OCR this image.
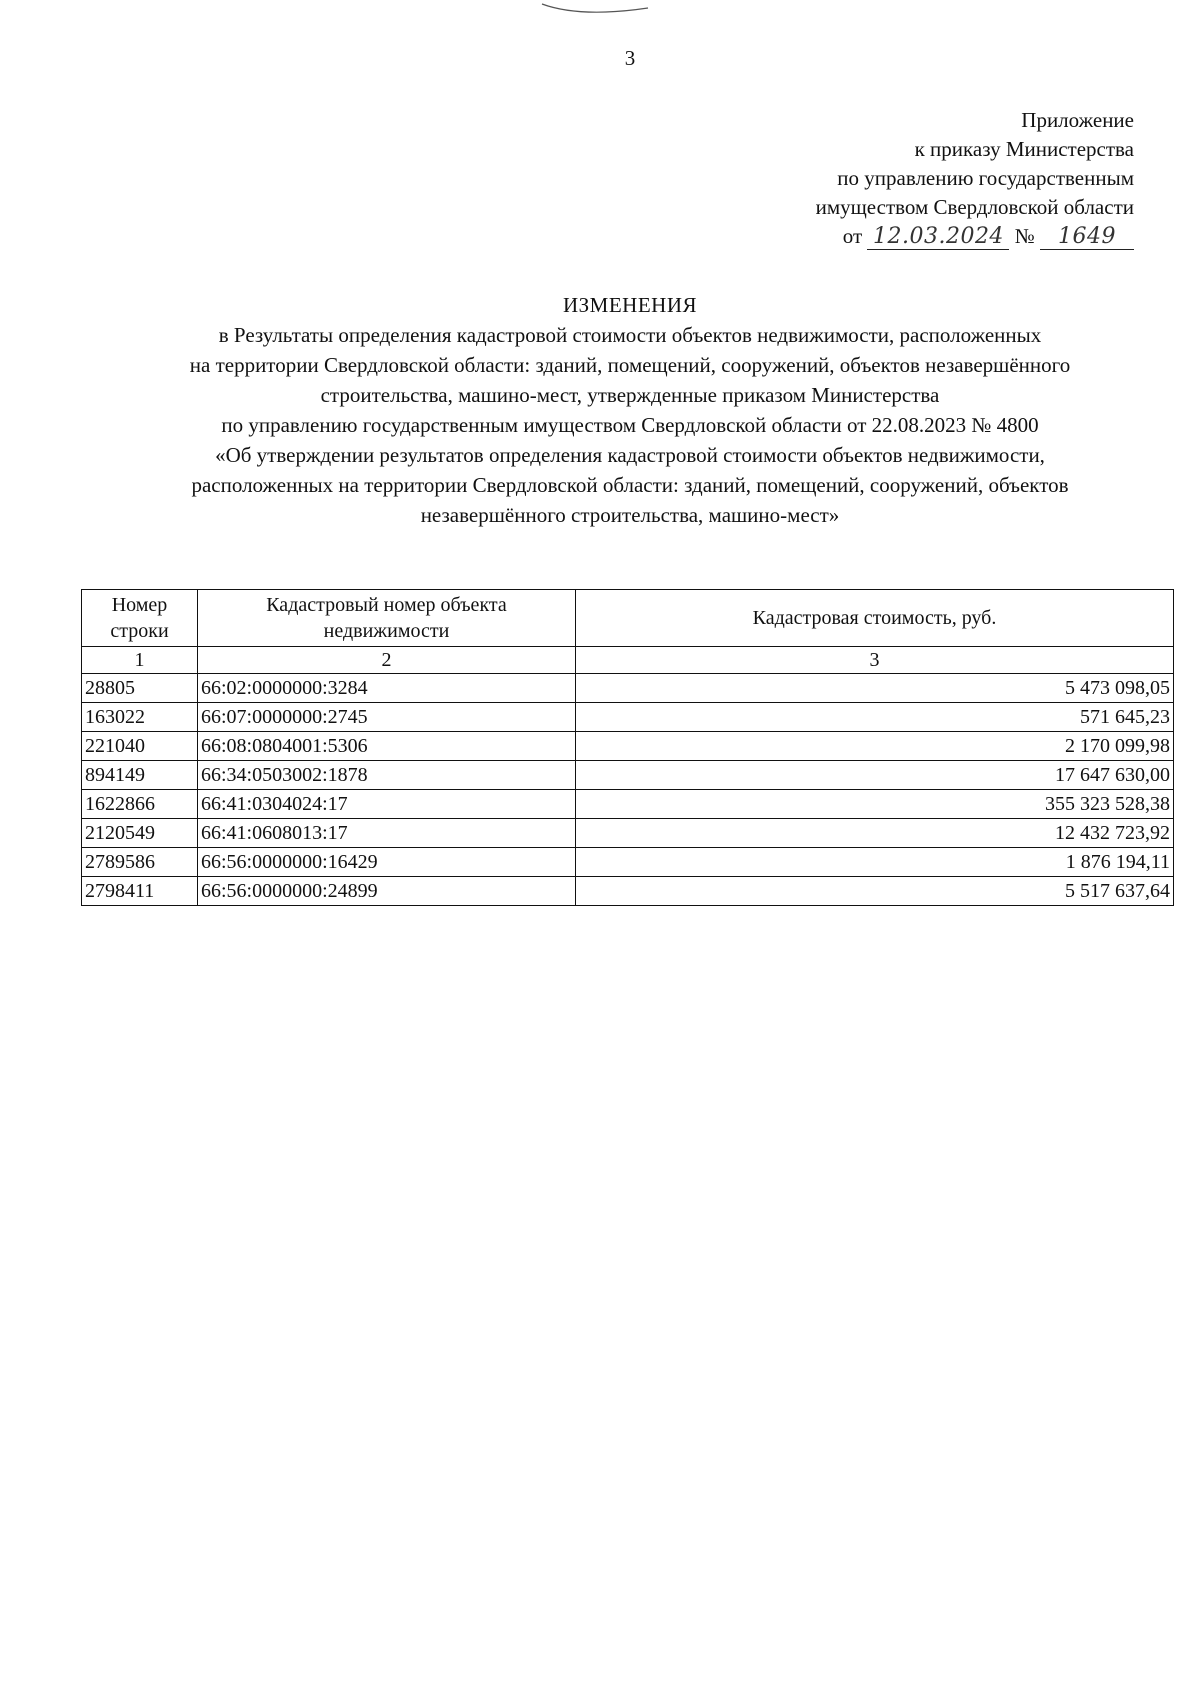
3
Приложение
к приказу Министерства
по управлению государственным
имуществом Свердловской области
от 12.03.2024 № 1649
ИЗМЕНЕНИЯ
в Результаты определения кадастровой стоимости объектов недвижимости, расположенных
на территории Свердловской области: зданий, помещений, сооружений, объектов незавершённого
строительства, машино-мест, утвержденные приказом Министерства
по управлению государственным имуществом Свердловской области от 22.08.2023 № 4800
«Об утверждении результатов определения кадастровой стоимости объектов недвижимости,
расположенных на территории Свердловской области: зданий, помещений, сооружений, объектов
незавершённого строительства, машино-мест»
Номер строки	Кадастровый номер объекта недвижимости	Кадастровая стоимость, руб.
1	2	3
28805	66:02:0000000:3284	5 473 098,05
163022	66:07:0000000:2745	571 645,23
221040	66:08:0804001:5306	2 170 099,98
894149	66:34:0503002:1878	17 647 630,00
1622866	66:41:0304024:17	355 323 528,38
2120549	66:41:0608013:17	12 432 723,92
2789586	66:56:0000000:16429	1 876 194,11
2798411	66:56:0000000:24899	5 517 637,64
